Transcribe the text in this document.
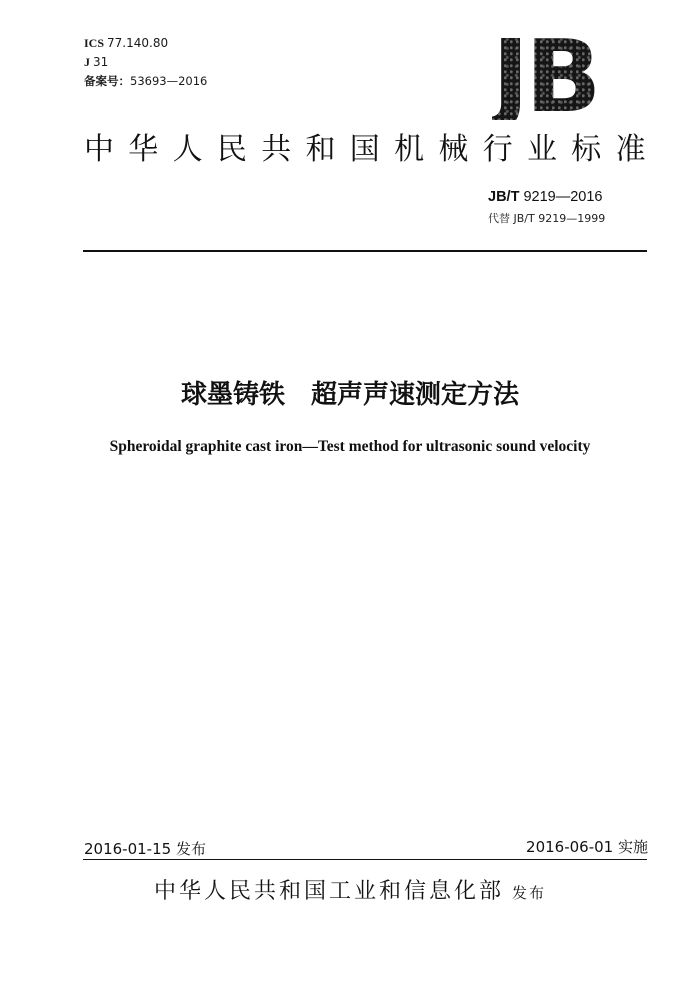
ICS 77.140.80
J 31
备案号：53693—2016	JB
中华人民共和国机械行业标准
JB/T 9219—2016
代替 JB/T 9219—1999
球墨铸铁　超声声速测定方法
Spheroidal graphite cast iron—Test method for ultrasonic sound velocity
2016-01-15 发布	2016-06-01 实施
中华人民共和国工业和信息化部 发布
